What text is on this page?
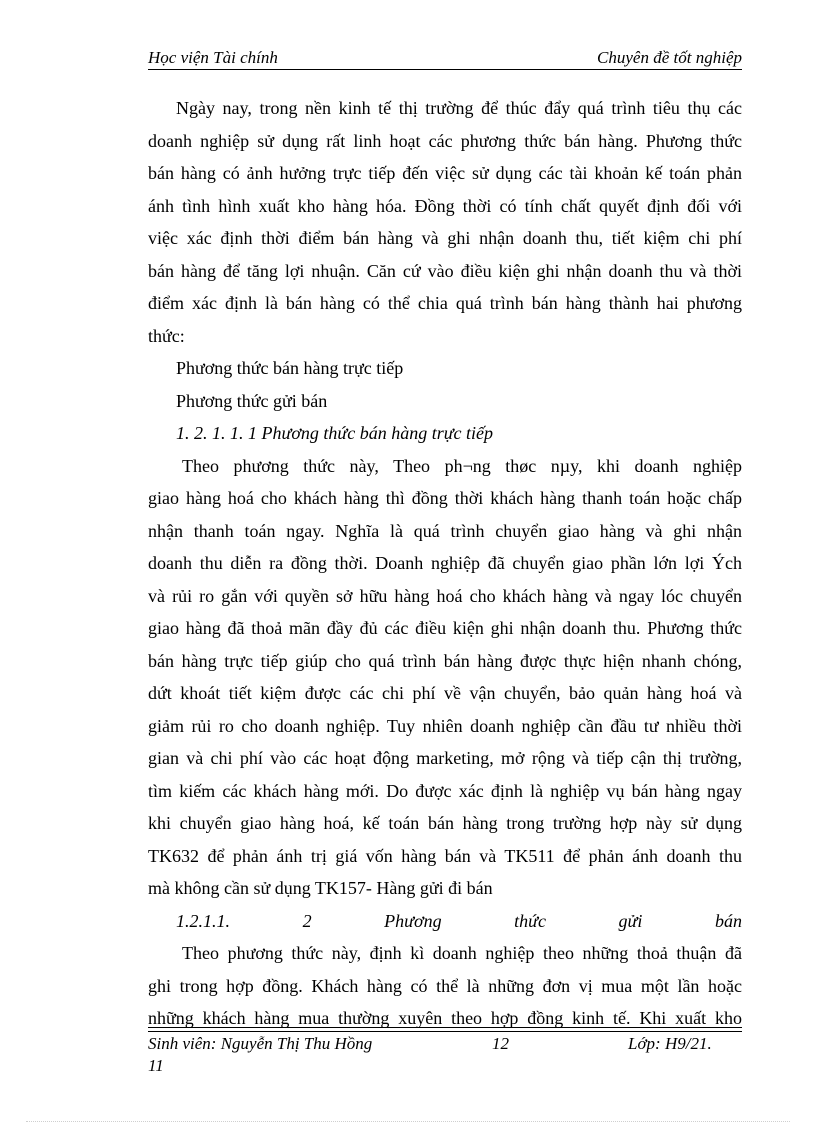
Học viện Tài chính	Chuyên đề tốt nghiệp
Ngày nay, trong nền kinh tế thị trường để thúc đẩy quá trình tiêu thụ các
doanh nghiệp sử dụng rất linh hoạt các phương thức bán hàng. Phương thức
bán hàng có ảnh hưởng trực tiếp đến việc sử dụng các tài khoản kế toán phản
ánh tình hình xuất kho hàng hóa. Đồng thời có tính chất quyết định đối với
việc xác định thời điểm bán hàng và ghi nhận doanh thu, tiết kiệm chi phí
bán hàng để tăng lợi nhuận. Căn cứ vào điều kiện ghi nhận doanh thu và thời
điểm xác định là bán hàng có thể chia quá trình bán hàng thành hai phương
thức:
Phương thức bán hàng trực tiếp
Phương thức gửi bán
1. 2. 1. 1. 1 Phương thức bán hàng trực tiếp
Theo phương thức này, Theo ph¬ng thøc nµy, khi doanh nghiệp
giao hàng hoá cho khách hàng thì đồng thời khách hàng thanh toán hoặc chấp
nhận thanh toán ngay. Nghĩa là quá trình chuyển giao hàng và ghi nhận
doanh thu diễn ra đồng thời. Doanh nghiệp đã chuyển giao phần lớn lợi Ých
và rủi ro gắn với quyền sở hữu hàng hoá cho khách hàng và ngay lóc chuyển
giao hàng đã thoả mãn đầy đủ các điều kiện ghi nhận doanh thu. Phương thức
bán hàng trực tiếp giúp cho quá trình bán hàng được thực hiện nhanh chóng,
dứt khoát tiết kiệm được các chi phí về vận chuyển, bảo quản hàng hoá và
giảm rủi ro cho doanh nghiệp. Tuy nhiên doanh nghiệp cần đầu tư nhiều thời
gian và chi phí vào các hoạt động marketing, mở rộng và tiếp cận thị trường,
tìm kiếm các khách hàng mới. Do được xác định là nghiệp vụ bán hàng ngay
khi chuyển giao hàng hoá, kế toán bán hàng trong trường hợp này sử dụng
TK632 để phản ánh trị giá vốn hàng bán và TK511 để phản ánh doanh thu
mà không cần sử dụng TK157- Hàng gửi đi bán
1.2.1.1.	2	Phương	thức	gửi	bán
Theo phương thức này, định kì doanh nghiệp theo những thoả thuận đã
ghi trong hợp đồng. Khách hàng có thể là những đơn vị mua một lần hoặc
những khách hàng mua thường xuyên theo hợp đồng kinh tế. Khi xuất kho
Sinh viên: Nguyễn Thị Thu Hồng	12	Lớp: H9/21.
11
